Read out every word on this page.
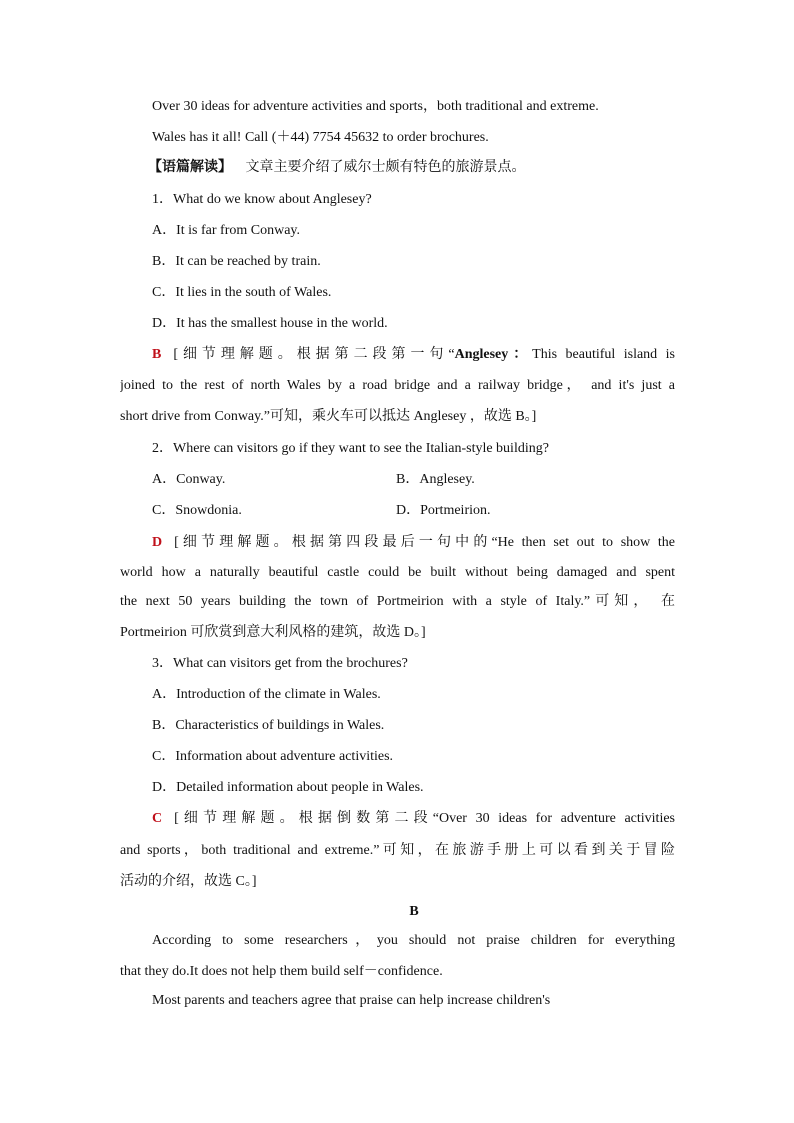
Over 30 ideas for adventure activities and sports，both traditional and extreme.
Wales has it all! Call (＋44) 7754 45632 to order brochures.
【语篇解读】 文章主要介绍了威尔士颇有特色的旅游景点。
1．What do we know about Anglesey?
A．It is far from Conway.
B．It can be reached by train.
C．It lies in the south of Wales.
D．It has the smallest house in the world.
B [细节理解题。根据第二段第一句“Anglesey：This beautiful island is
joined to the rest of north Wales by a road bridge and a railway bridge， and it's just a
short drive from Conway.”可知，乘火车可以抵达 Anglesey ，故选 B。]
2．Where can visitors go if they want to see the Italian-style building?
A．Conway.	B．Anglesey.
C．Snowdonia.	D．Portmeirion.
D [细节理解题。根据第四段最后一句中的“He then set out to show the
world how a naturally beautiful castle could be built without being damaged and spent
the next 50 years building the town of Portmeirion with a style of Italy.”可知， 在
Portmeirion 可欣赏到意大利风格的建筑，故选 D。]
3．What can visitors get from the brochures?
A．Introduction of the climate in Wales.
B．Characteristics of buildings in Wales.
C．Information about adventure activities.
D．Detailed information about people in Wales.
C [细节理解题。根据倒数第二段“Over 30 ideas for adventure activities
and sports，both traditional and extreme.”可知，在旅游手册上可以看到关于冒险
活动的介绍，故选 C。]
B
According to some researchers，you should not praise children for everything
that they do.It does not help them build self－confidence.
Most parents and teachers agree that praise can help increase children's
